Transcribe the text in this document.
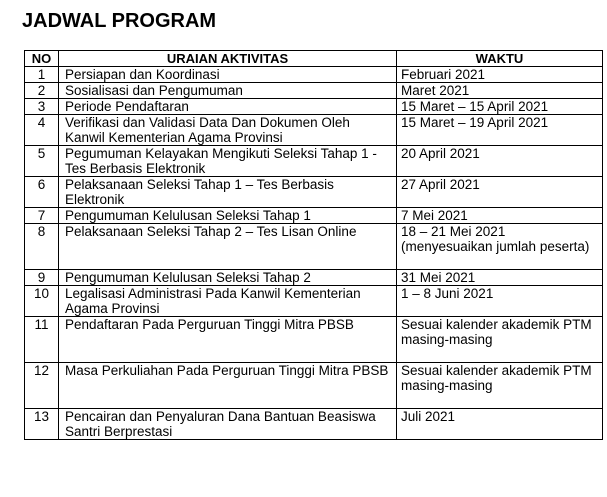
JADWAL PROGRAM
NO	URAIAN AKTIVITAS	WAKTU
1	Persiapan dan Koordinasi	Februari 2021
2	Sosialisasi dan Pengumuman	Maret 2021
3	Periode Pendaftaran	15 Maret – 15 April 2021
4	Verifikasi dan Validasi Data Dan Dokumen Oleh Kanwil Kementerian Agama Provinsi	15 Maret – 19 April 2021
5	Pegumuman Kelayakan Mengikuti Seleksi Tahap 1 - Tes Berbasis Elektronik	20 April 2021
6	Pelaksanaan Seleksi Tahap 1 – Tes Berbasis Elektronik	27 April 2021
7	Pengumuman Kelulusan Seleksi Tahap 1	7 Mei 2021
8	Pelaksanaan Seleksi Tahap 2 – Tes Lisan Online	18 – 21 Mei 2021 (menyesuaikan jumlah peserta)
9	Pengumuman Kelulusan Seleksi Tahap 2	31 Mei 2021
10	Legalisasi Administrasi Pada Kanwil Kementerian Agama Provinsi	1 – 8 Juni 2021
11	Pendaftaran Pada Perguruan Tinggi Mitra PBSB	Sesuai kalender akademik PTM masing-masing
12	Masa Perkuliahan Pada Perguruan Tinggi Mitra PBSB	Sesuai kalender akademik PTM masing-masing
13	Pencairan dan Penyaluran Dana Bantuan Beasiswa Santri Berprestasi	Juli 2021
